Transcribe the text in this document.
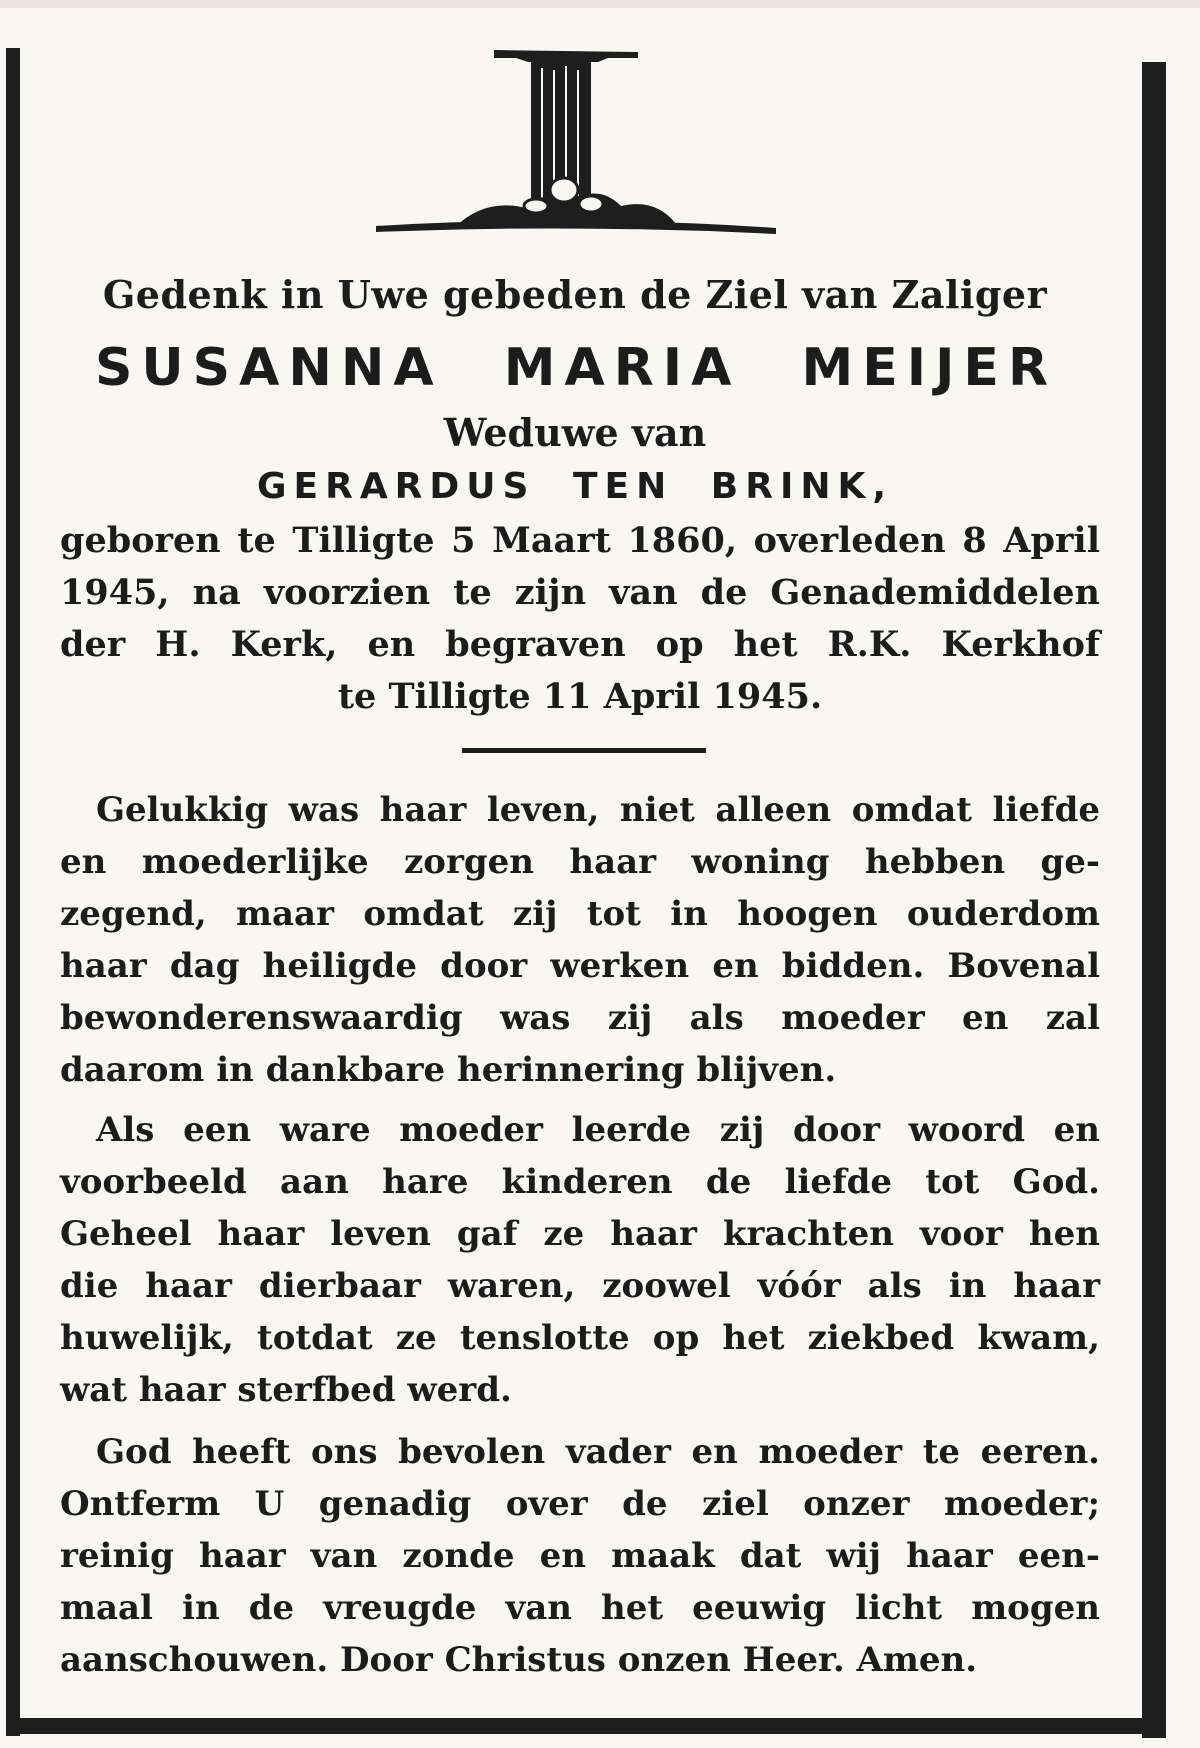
Gedenk in Uwe gebeden de Ziel van Zaliger
SUSANNA MARIA MEIJER
Weduwe van
GERARDUS TEN BRINK,
geboren te Tilligte 5 Maart 1860, overleden 8 April
1945, na voorzien te zijn van de Genademiddelen
der H. Kerk, en begraven op het R.K. Kerkhof
te Tilligte 11 April 1945.
Gelukkig was haar leven, niet alleen omdat liefde
en moederlijke zorgen haar woning hebben ge-
zegend, maar omdat zij tot in hoogen ouderdom
haar dag heiligde door werken en bidden. Bovenal
bewonderenswaardig was zij als moeder en zal
daarom in dankbare herinnering blijven.
Als een ware moeder leerde zij door woord en
voorbeeld aan hare kinderen de liefde tot God.
Geheel haar leven gaf ze haar krachten voor hen
die haar dierbaar waren, zoowel vóór als in haar
huwelijk, totdat ze tenslotte op het ziekbed kwam,
wat haar sterfbed werd.
God heeft ons bevolen vader en moeder te eeren.
Ontferm U genadig over de ziel onzer moeder;
reinig haar van zonde en maak dat wij haar een-
maal in de vreugde van het eeuwig licht mogen
aanschouwen. Door Christus onzen Heer. Amen.
